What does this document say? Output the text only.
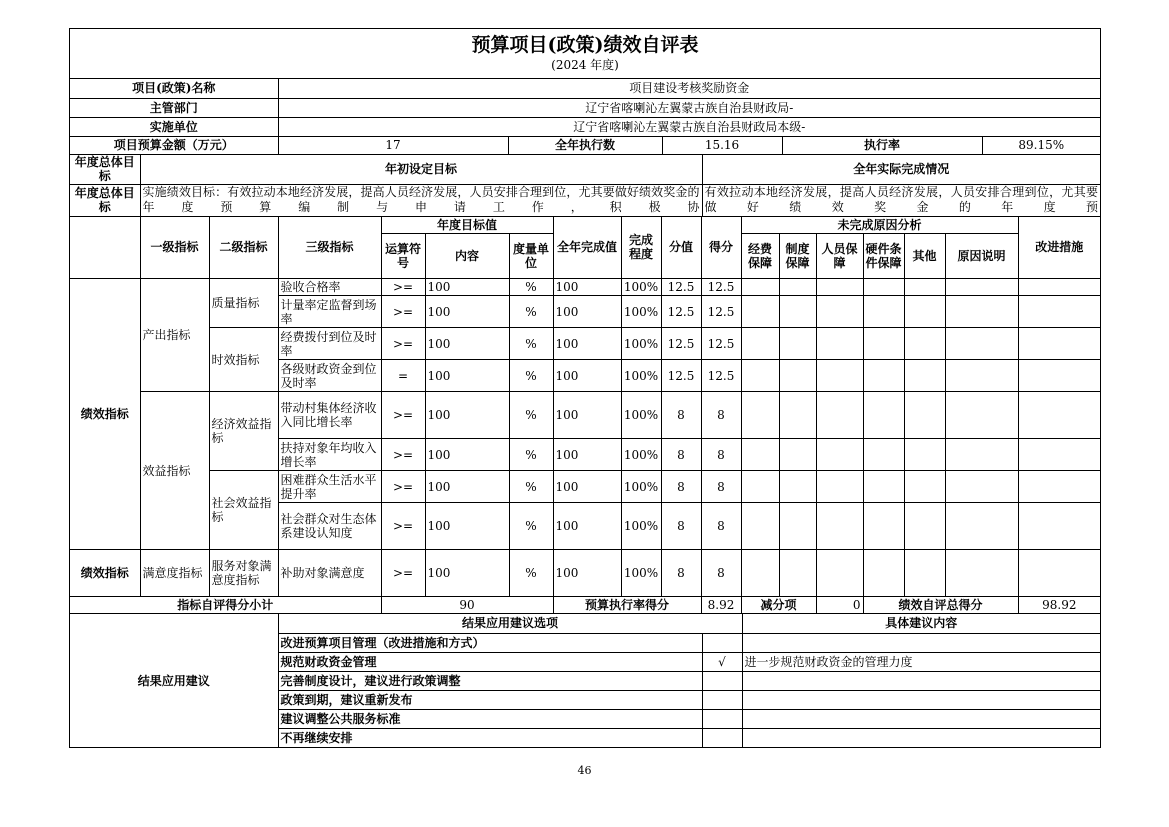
预算项目(政策)绩效自评表
(2024 年度)
项目(政策)名称		项目建设考核奖励资金					
主管部门		辽宁省喀喇沁左翼蒙古族自治县财政局-					
实施单位		辽宁省喀喇沁左翼蒙古族自治县财政局本级-					
项目预算金额（万元）		17	全年执行数	15.16		执行率	89.15%
年度总体目标	年初设定目标				全年实际完成情况		
年度总体目标	实施绩效目标：有效拉动本地经济发展，提高人员经济发展，人员安排合理到位，尤其要做好绩效奖金的年度预算编制与申请工作，积极协				有效拉动本地经济发展，提高人员经济发展，人员安排合理到位，尤其要做好绩效奖金的年度预		
	一级指标	二级指标	三级指标	年度目标值			全年完成值	完成程度	分值	得分	未完成原因分析						改进措施
				运算符号	内容	度量单位					经费保障	制度保障	人员保障	硬件条件保障	其他	原因说明	
绩效指标	产出指标	质量指标	验收合格率	>=	100	%	100	100%	12.5	12.5							
			计量率定监督到场率	>=	100	%	100	100%	12.5	12.5							
		时效指标	经费拨付到位及时率	>=	100	%	100	100%	12.5	12.5							
			各级财政资金到位及时率	=	100	%	100	100%	12.5	12.5							
	效益指标	经济效益指标	带动村集体经济收入同比增长率	>=	100	%	100	100%	8	8							
			扶持对象年均收入增长率	>=	100	%	100	100%	8	8							
		社会效益指标	困难群众生活水平提升率	>=	100	%	100	100%	8	8							
			社会群众对生态体系建设认知度	>=	100	%	100	100%	8	8							
绩效指标	满意度指标	服务对象满意度指标	补助对象满意度	>=	100	%	100	100%	8	8							
指标自评得分小计				90			预算执行率得分			8.92	减分项		0	绩效自评总得分			98.92
结果应用建议	结果应用建议选项		具体建议内容
	改进预算项目管理（改进措施和方式）		
	规范财政资金管理	√	进一步规范财政资金的管理力度
	完善制度设计，建议进行政策调整		
	政策到期，建议重新发布		
	建议调整公共服务标准		
	不再继续安排		
46
